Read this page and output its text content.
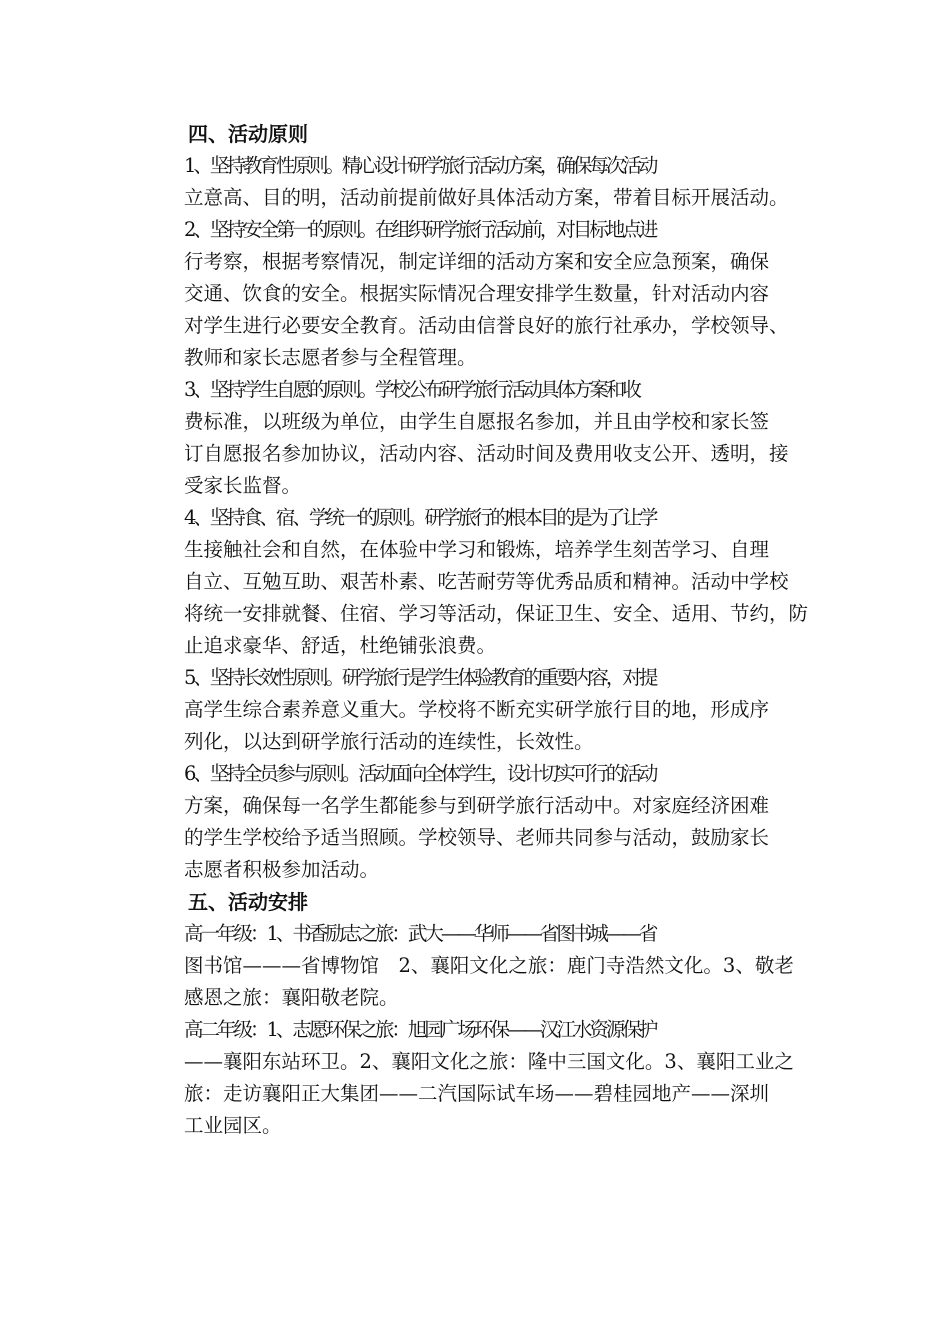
四、活动原则

1、坚持教育性原则。精心设计研学旅行活动方案，确保每次活动
立意高、目的明，活动前提前做好具体活动方案，带着目标开展活动。

2、坚持安全第一的原则。在组织研学旅行活动前，对目标地点进
行考察，根据考察情况，制定详细的活动方案和安全应急预案，确保
交通、饮食的安全。根据实际情况合理安排学生数量，针对活动内容
对学生进行必要安全教育。活动由信誉良好的旅行社承办，学校领导、
教师和家长志愿者参与全程管理。

3、坚持学生自愿的原则。学校公布研学旅行活动具体方案和收
费标准，以班级为单位，由学生自愿报名参加，并且由学校和家长签
订自愿报名参加协议，活动内容、活动时间及费用收支公开、透明，接
受家长监督。

4、坚持食、宿、学统一的原则。研学旅行的根本目的是为了让学
生接触社会和自然，在体验中学习和锻炼，培养学生刻苦学习、自理
自立、互勉互助、艰苦朴素、吃苦耐劳等优秀品质和精神。活动中学校
将统一安排就餐、住宿、学习等活动，保证卫生、安全、适用、节约，防
止追求豪华、舒适，杜绝铺张浪费。

5、坚持长效性原则。研学旅行是学生体验教育的重要内容，对提
高学生综合素养意义重大。学校将不断充实研学旅行目的地，形成序
列化，以达到研学旅行活动的连续性，长效性。

6、坚持全员参与原则。活动面向全体学生，设计切实可行的活动
方案，确保每一名学生都能参与到研学旅行活动中。对家庭经济困难
的学生学校给予适当照顾。学校领导、老师共同参与活动，鼓励家长
志愿者积极参加活动。

五、活动安排

高一年级：1、书香励志之旅：武大——华师——省图书城——省
图书馆———省博物馆　2、襄阳文化之旅：鹿门寺浩然文化。3、敬老
感恩之旅：襄阳敬老院。

高二年级：1、志愿环保之旅：旭园广场环保——汉江水资源保护
——襄阳东站环卫。2、襄阳文化之旅：隆中三国文化。3、襄阳工业之
旅：走访襄阳正大集团——二汽国际试车场——碧桂园地产——深圳
工业园区。
